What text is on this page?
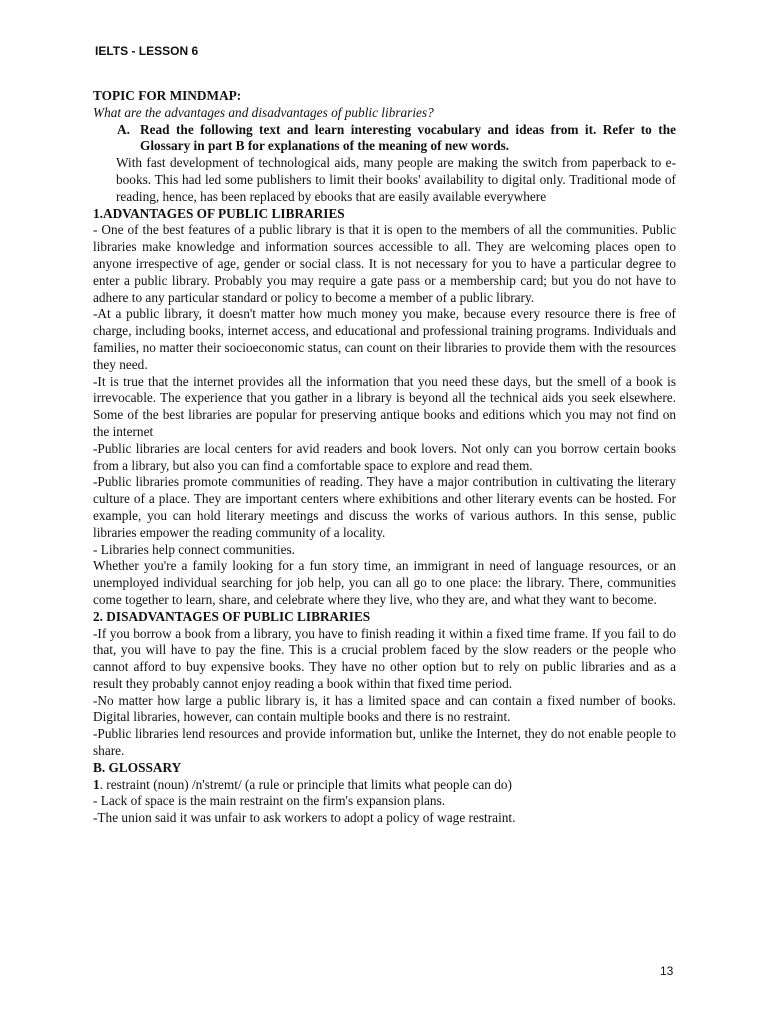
IELTS - LESSON 6

TOPIC FOR MINDMAP:

What are the advantages and disadvantages of public libraries?

A. Read the following text and learn interesting vocabulary and ideas from it. Refer to the Glossary in part B for explanations of the meaning of new words.

With fast development of technological aids, many people are making the switch from paperback to e- books. This had led some publishers to limit their books' availability to digital only. Traditional mode of reading, hence, has been replaced by ebooks that are easily available everywhere

1.ADVANTAGES OF PUBLIC LIBRARIES

- One of the best features of a public library is that it is open to the members of all the communities. Public libraries make knowledge and information sources accessible to all. They are welcoming places open to anyone irrespective of age, gender or social class. It is not necessary for you to have a particular degree to enter a public library. Probably you may require a gate pass or a membership card; but you do not have to adhere to any particular standard or policy to become a member of a public library.

-At a public library, it doesn't matter how much money you make, because every resource there is free of charge, including books, internet access, and educational and professional training programs. Individuals and families, no matter their socioeconomic status, can count on their libraries to provide them with the resources they need.

-It is true that the internet provides all the information that you need these days, but the smell of a book is irrevocable. The experience that you gather in a library is beyond all the technical aids you seek elsewhere. Some of the best libraries are popular for preserving antique books and editions which you may not find on the internet

-Public libraries are local centers for avid readers and book lovers. Not only can you borrow certain books from a library, but also you can find a comfortable space to explore and read them.

-Public libraries promote communities of reading. They have a major contribution in cultivating the literary culture of a place. They are important centers where exhibitions and other literary events can be hosted. For example, you can hold literary meetings and discuss the works of various authors. In this sense, public libraries empower the reading community of a locality.

- Libraries help connect communities.

Whether you're a family looking for a fun story time, an immigrant in need of language resources, or an unemployed individual searching for job help, you can all go to one place: the library. There, communities come together to learn, share, and celebrate where they live, who they are, and what they want to become.

2. DISADVANTAGES OF PUBLIC LIBRARIES

-If you borrow a book from a library, you have to finish reading it within a fixed time frame. If you fail to do that, you will have to pay the fine. This is a crucial problem faced by the slow readers or the people who cannot afford to buy expensive books. They have no other option but to rely on public libraries and as a result they probably cannot enjoy reading a book within that fixed time period.

-No matter how large a public library is, it has a limited space and can contain a fixed number of books. Digital libraries, however, can contain multiple books and there is no restraint.

-Public libraries lend resources and provide information but, unlike the Internet, they do not enable people to share.

B. GLOSSARY

1. restraint (noun) /n'stremt/ (a rule or principle that limits what people can do)

- Lack of space is the main restraint on the firm's expansion plans.

-The union said it was unfair to ask workers to adopt a policy of wage restraint.

13
